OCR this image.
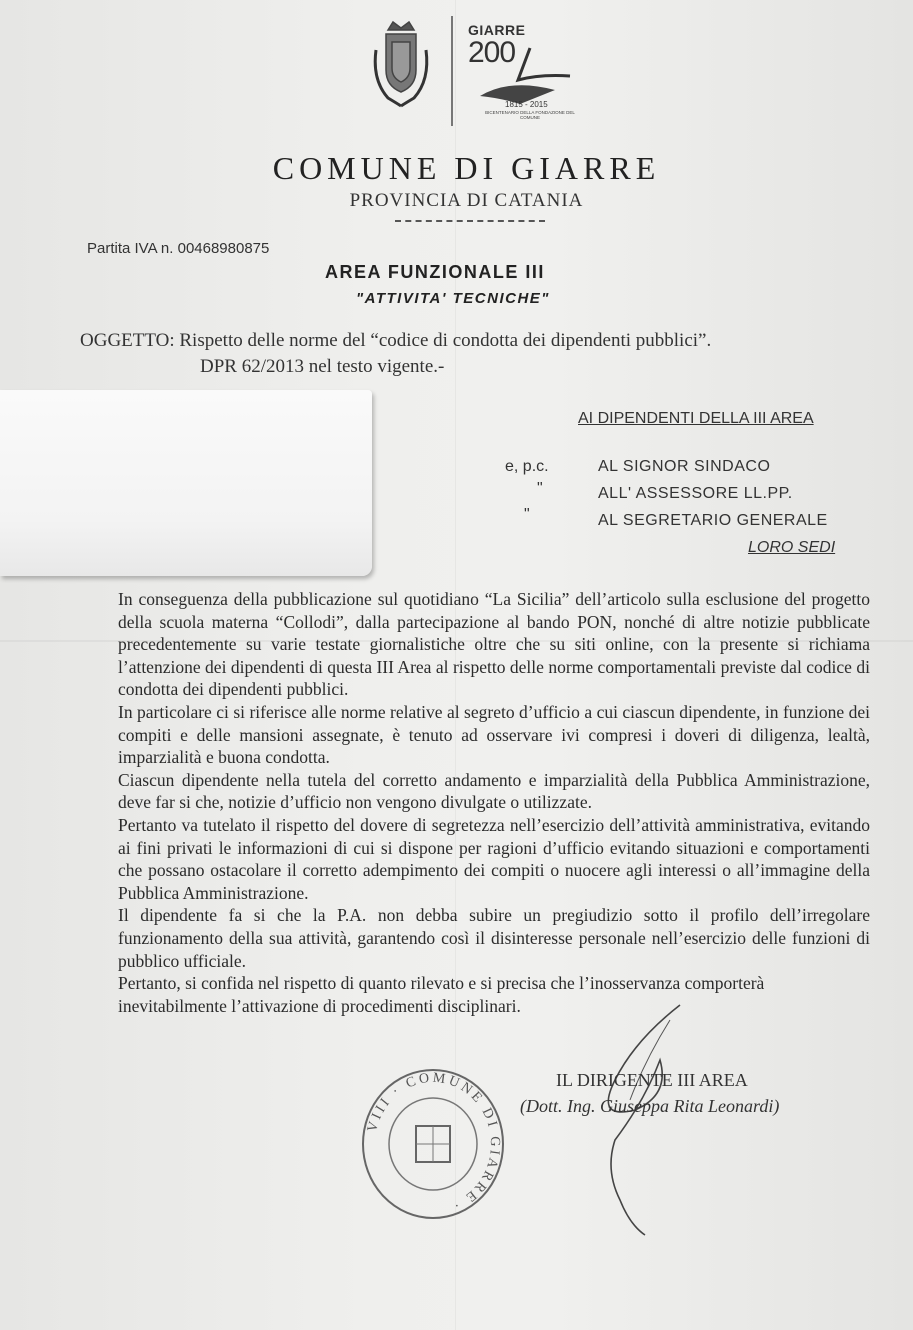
GIARRE
200
1815 - 2015
BICENTENARIO DELLA FONDAZIONE DEL COMUNE
COMUNE DI GIARRE
PROVINCIA DI CATANIA
Partita IVA n. 00468980875
AREA FUNZIONALE III
"ATTIVITA' TECNICHE"
OGGETTO: Rispetto delle norme del “codice di condotta dei dipendenti pubblici”.
DPR 62/2013 nel testo vigente.-
AI DIPENDENTI DELLA III AREA
e, p.c.
"
"
AL SIGNOR SINDACO
ALL' ASSESSORE LL.PP.
AL SEGRETARIO GENERALE
LORO SEDI

In conseguenza della pubblicazione sul quotidiano “La Sicilia” dell’articolo sulla esclusione del progetto della scuola materna “Collodi”, dalla partecipazione al bando PON, nonché di altre notizie pubblicate precedentemente su varie testate giornalistiche oltre che su siti online, con la presente si richiama l’attenzione dei dipendenti di questa III Area al rispetto delle norme comportamentali previste dal codice di condotta dei dipendenti pubblici.

In particolare ci si riferisce alle norme relative al segreto d’ufficio a cui ciascun dipendente, in funzione dei compiti e delle mansioni assegnate, è tenuto ad osservare ivi compresi i doveri di diligenza, lealtà, imparzialità e buona condotta.

Ciascun dipendente nella tutela del corretto andamento e imparzialità della Pubblica Amministrazione, deve far si che, notizie d’ufficio non vengono divulgate o utilizzate.

Pertanto va tutelato il rispetto del dovere di segretezza nell’esercizio dell’attività amministrativa, evitando ai fini privati le informazioni di cui si dispone per ragioni d’ufficio evitando situazioni e comportamenti che possano ostacolare il corretto adempimento dei compiti o nuocere agli interessi o all’immagine della Pubblica Amministrazione.

Il dipendente fa si che la P.A. non debba subire un pregiudizio sotto il profilo dell’irregolare funzionamento della sua attività, garantendo così il disinteresse personale nell’esercizio delle funzioni di pubblico ufficiale.

Pertanto, si confida nel rispetto di quanto rilevato e si precisa che l’inosservanza comporterà inevitabilmente l’attivazione di procedimenti disciplinari.

VIII · COMUNE DI GIARRE ·
IL DIRIGENTE III AREA
(Dott. Ing. Giuseppa Rita Leonardi)
